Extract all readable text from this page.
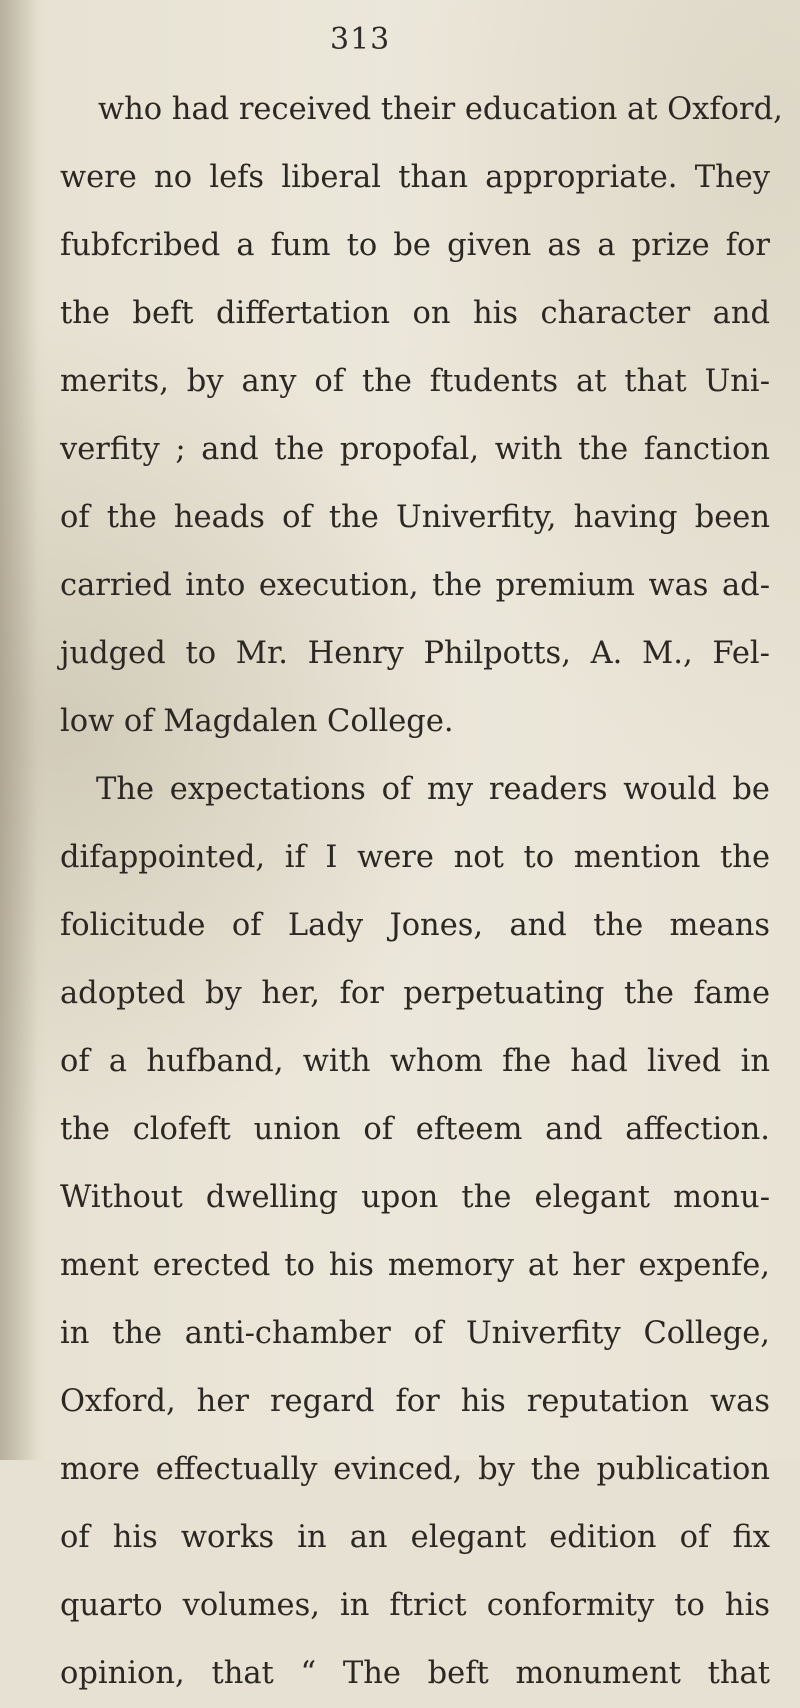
313
who had received their education at Oxford,
were no lefs liberal than appropriate. They
fubfcribed a fum to be given as a prize for
the beft differtation on his character and
merits, by any of the ftudents at that Uni-
verfity ; and the propofal, with the fanction
of the heads of the Univerfity, having been
carried into execution, the premium was ad-
judged to Mr. Henry Philpotts, A. M., Fel-
low of Magdalen College.
The expectations of my readers would be
difappointed, if I were not to mention the
folicitude of Lady Jones, and the means
adopted by her, for perpetuating the fame
of a hufband, with whom fhe had lived in
the clofeft union of efteem and affection.
Without dwelling upon the elegant monu-
ment erected to his memory at her expenfe,
in the anti-chamber of Univerfity College,
Oxford, her regard for his reputation was
more effectually evinced, by the publication
of his works in an elegant edition of fix
quarto volumes, in ftrict conformity to his
opinion, that “ The beft monument that
